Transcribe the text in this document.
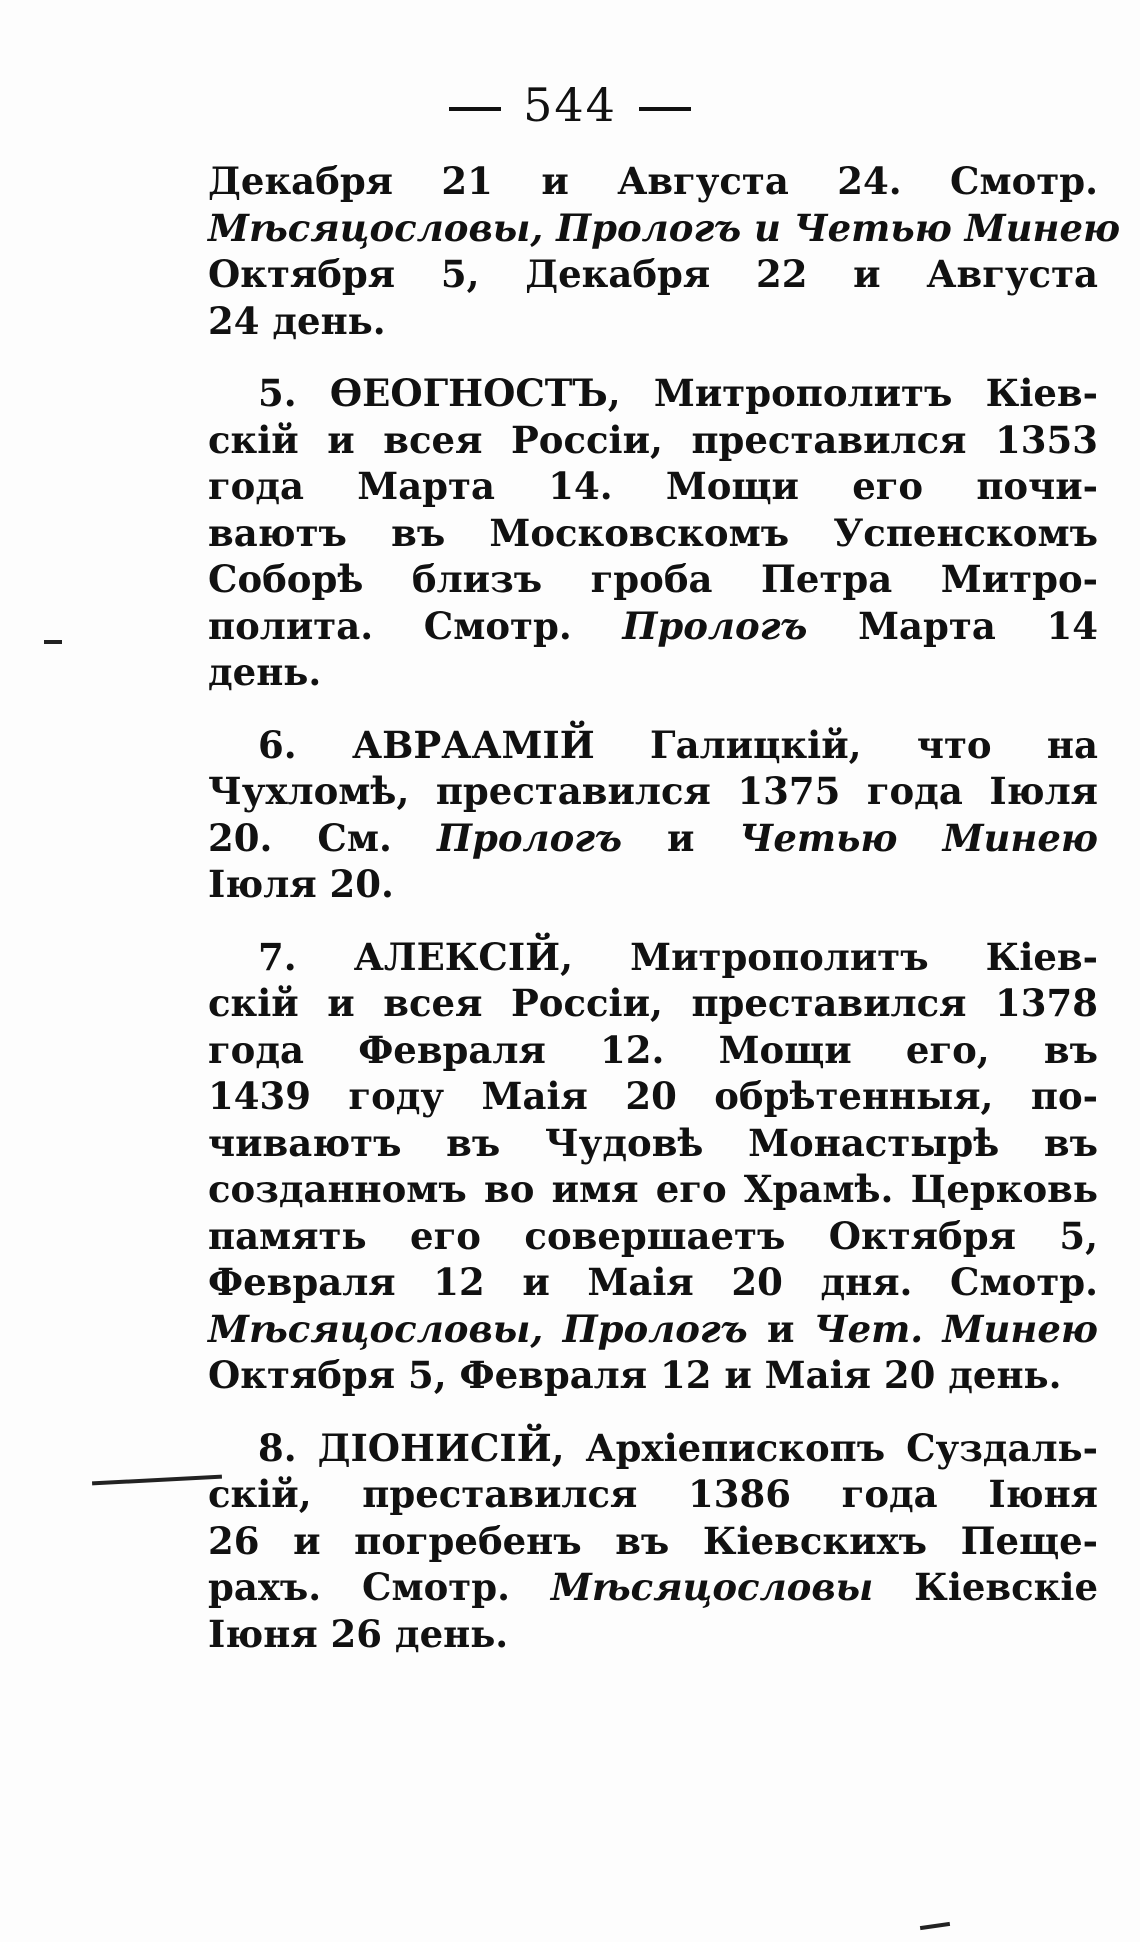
544
Декабря 21 и Августа 24. Смотр.
Мѣсяцословы, Прологъ и Четью Минею
Октября 5, Декабря 22 и Августа
24 день.
5. ѲЕОГНОСТЪ, Митрополитъ Кiев-
скiй и всея Россiи, преставился 1353
года Марта 14. Мощи его почи-
ваютъ въ Московскомъ Успенскомъ
Соборѣ близъ гроба Петра Митро-
полита. Смотр. Прологъ Марта 14
день.
6. АВРААМIЙ Галицкiй, что на
Чухломѣ, преставился 1375 года Iюля
20. См. Прологъ и Четью Минею
Iюля 20.
7. АЛЕКСIЙ, Митрополитъ Кiев-
скiй и всея Россiи, преставился 1378
года Февраля 12. Мощи его, въ
1439 году Маiя 20 обрѣтенныя, по-
чиваютъ въ Чудовѣ Монастырѣ въ
созданномъ во имя его Храмѣ. Церковь
память его совершаетъ Октября 5,
Февраля 12 и Маiя 20 дня. Смотр.
Мѣсяцословы, Прологъ и Чет. Минею
Октября 5, Февраля 12 и Маiя 20 день.
8. ДIОНИСIЙ, Архiепископъ Суздаль-
скiй, преставился 1386 года Iюня
26 и погребенъ въ Кiевскихъ Пеще-
рахъ. Смотр. Мѣсяцословы Кiевскiе
Iюня 26 день.
